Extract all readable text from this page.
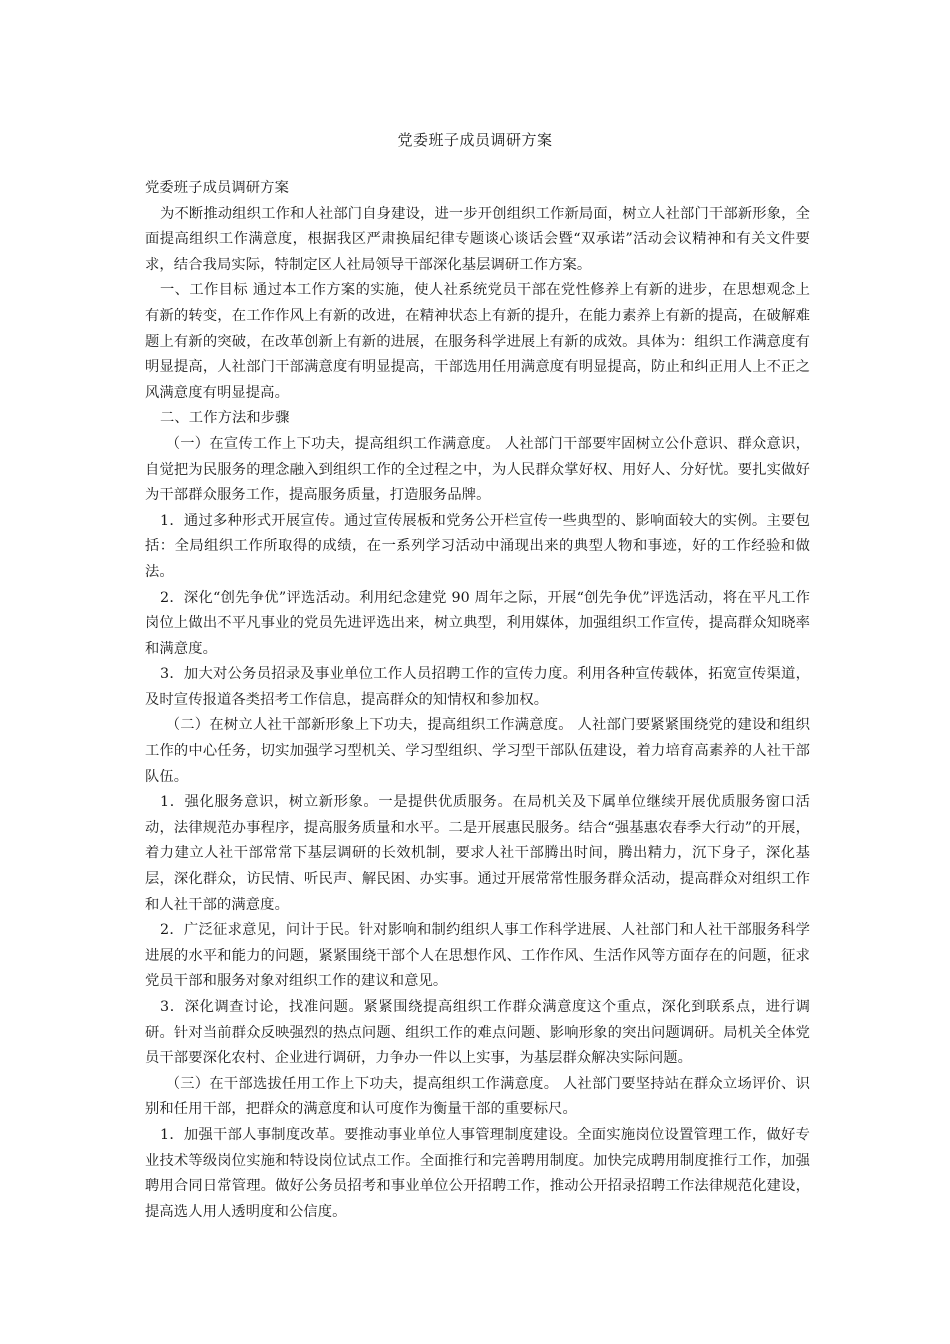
党委班子成员调研方案

党委班子成员调研方案

为不断推动组织工作和人社部门自身建设，进一步开创组织工作新局面，树立人社部门干部新形象，全面提高组织工作满意度，根据我区严肃换届纪律专题谈心谈话会暨“双承诺”活动会议精神和有关文件要求，结合我局实际，特制定区人社局领导干部深化基层调研工作方案。

一、工作目标 通过本工作方案的实施，使人社系统党员干部在党性修养上有新的进步，在思想观念上有新的转变，在工作作风上有新的改进，在精神状态上有新的提升，在能力素养上有新的提高，在破解难题上有新的突破，在改革创新上有新的进展，在服务科学进展上有新的成效。具体为：组织工作满意度有明显提高，人社部门干部满意度有明显提高，干部选用任用满意度有明显提高，防止和纠正用人上不正之风满意度有明显提高。

二、工作方法和步骤

（一）在宣传工作上下功夫，提高组织工作满意度。 人社部门干部要牢固树立公仆意识、群众意识，自觉把为民服务的理念融入到组织工作的全过程之中，为人民群众掌好权、用好人、分好忧。要扎实做好为干部群众服务工作，提高服务质量，打造服务品牌。

1．通过多种形式开展宣传。通过宣传展板和党务公开栏宣传一些典型的、影响面较大的实例。主要包括：全局组织工作所取得的成绩，在一系列学习活动中涌现出来的典型人物和事迹，好的工作经验和做法。

2．深化“创先争优”评选活动。利用纪念建党 90 周年之际，开展“创先争优”评选活动，将在平凡工作岗位上做出不平凡事业的党员先进评选出来，树立典型，利用媒体，加强组织工作宣传，提高群众知晓率和满意度。

3．加大对公务员招录及事业单位工作人员招聘工作的宣传力度。利用各种宣传载体，拓宽宣传渠道，及时宣传报道各类招考工作信息，提高群众的知情权和参加权。

（二）在树立人社干部新形象上下功夫，提高组织工作满意度。 人社部门要紧紧围绕党的建设和组织工作的中心任务，切实加强学习型机关、学习型组织、学习型干部队伍建设，着力培育高素养的人社干部队伍。

1．强化服务意识，树立新形象。一是提供优质服务。在局机关及下属单位继续开展优质服务窗口活动，法律规范办事程序，提高服务质量和水平。二是开展惠民服务。结合“强基惠农春季大行动”的开展，着力建立人社干部常常下基层调研的长效机制，要求人社干部腾出时间，腾出精力，沉下身子，深化基层，深化群众，访民情、听民声、解民困、办实事。通过开展常常性服务群众活动，提高群众对组织工作和人社干部的满意度。

2．广泛征求意见，问计于民。针对影响和制约组织人事工作科学进展、人社部门和人社干部服务科学进展的水平和能力的问题，紧紧围绕干部个人在思想作风、工作作风、生活作风等方面存在的问题，征求党员干部和服务对象对组织工作的建议和意见。

3．深化调查讨论，找准问题。紧紧围绕提高组织工作群众满意度这个重点，深化到联系点，进行调研。针对当前群众反映强烈的热点问题、组织工作的难点问题、影响形象的突出问题调研。局机关全体党员干部要深化农村、企业进行调研，力争办一件以上实事，为基层群众解决实际问题。

（三）在干部选拔任用工作上下功夫，提高组织工作满意度。 人社部门要坚持站在群众立场评价、识别和任用干部，把群众的满意度和认可度作为衡量干部的重要标尺。

1．加强干部人事制度改革。要推动事业单位人事管理制度建设。全面实施岗位设置管理工作，做好专业技术等级岗位实施和特设岗位试点工作。全面推行和完善聘用制度。加快完成聘用制度推行工作，加强聘用合同日常管理。做好公务员招考和事业单位公开招聘工作，推动公开招录招聘工作法律规范化建设，提高选人用人透明度和公信度。
